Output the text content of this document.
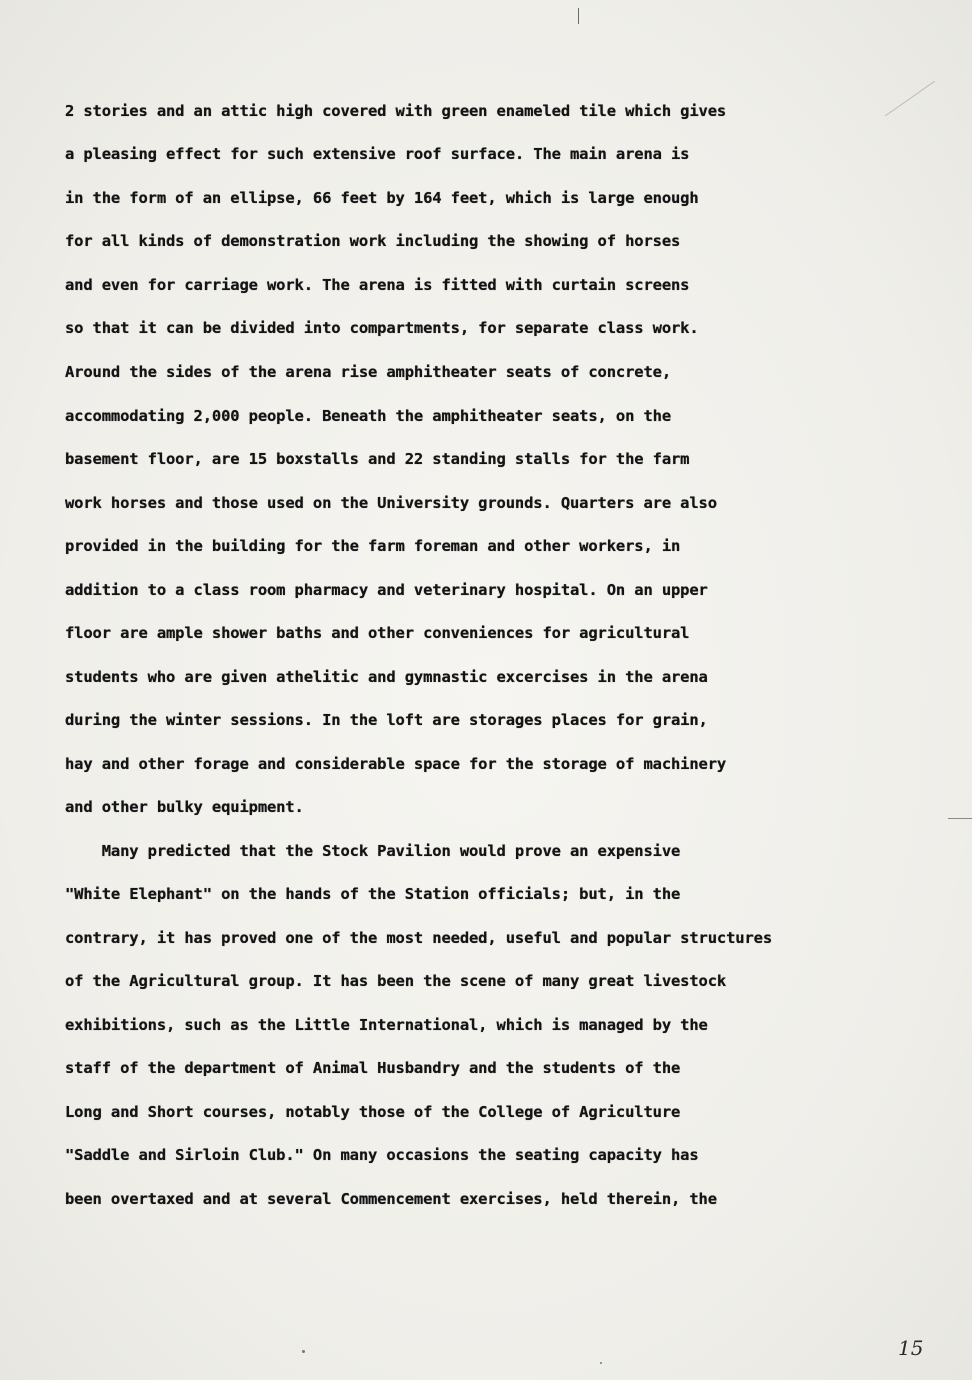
2 stories and an attic high covered with green enameled tile which gives
a pleasing effect for such extensive roof surface. The main arena is
in the form of an ellipse, 66 feet by 164 feet, which is large enough
for all kinds of demonstration work including the showing of horses
and even for carriage work. The arena is fitted with curtain screens
so that it can be divided into compartments, for separate class work.
Around the sides of the arena rise amphitheater seats of concrete,
accommodating 2,000 people. Beneath the amphitheater seats, on the
basement floor, are 15 boxstalls and 22 standing stalls for the farm
work horses and those used on the University grounds. Quarters are also
provided in the building for the farm foreman and other workers, in
addition to a class room pharmacy and veterinary hospital. On an upper
floor are ample shower baths and other conveniences for agricultural
students who are given athelitic and gymnastic excercises in the arena
during the winter sessions. In the loft are storages places for grain,
hay and other forage and considerable space for the storage of machinery
and other bulky equipment.
Many predicted that the Stock Pavilion would prove an expensive
"White Elephant" on the hands of the Station officials; but, in the
contrary, it has proved one of the most needed, useful and popular structures
of the Agricultural group. It has been the scene of many great livestock
exhibitions, such as the Little International, which is managed by the
staff of the department of Animal Husbandry and the students of the
Long and Short courses, notably those of the College of Agriculture
"Saddle and Sirloin Club." On many occasions the seating capacity has
been overtaxed and at several Commencement exercises, held therein, the
15
